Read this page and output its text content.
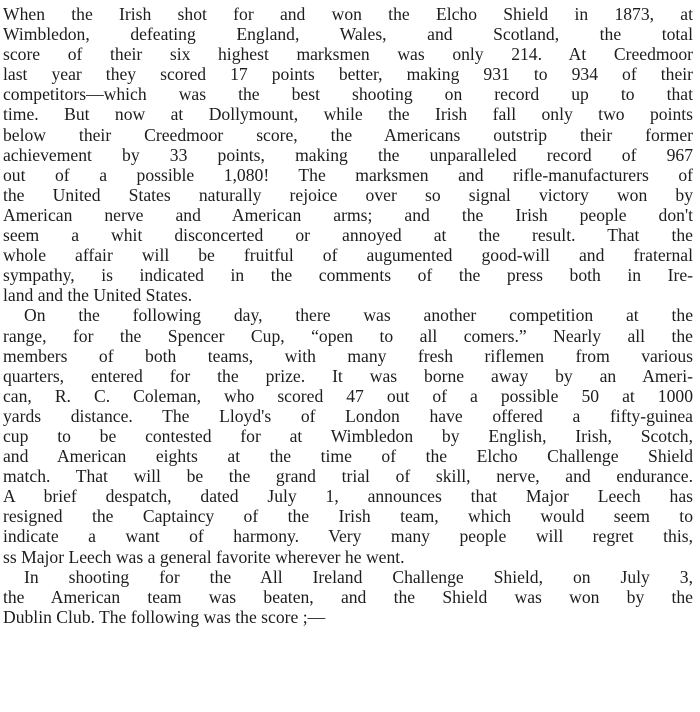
When the Irish shot for and won the Elcho Shield in 1873, at
Wimbledon, defeating England, Wales, and Scotland, the total
score of their six highest marksmen was only 214. At Creedmoor
last year they scored 17 points better, making 931 to 934 of their
competitors—which was the best shooting on record up to that
time. But now at Dollymount, while the Irish fall only two points
below their Creedmoor score, the Americans outstrip their former
achievement by 33 points, making the unparalleled record of 967
out of a possible 1,080! The marksmen and rifle-manufacturers of
the United States naturally rejoice over so signal victory won by
American nerve and American arms; and the Irish people don't
seem a whit disconcerted or annoyed at the result. That the
whole affair will be fruitful of augumented good-will and fraternal
sympathy, is indicated in the comments of the press both in Ire-
land and the United States.

On the following day, there was another competition at the
range, for the Spencer Cup, “open to all comers.” Nearly all the
members of both teams, with many fresh riflemen from various
quarters, entered for the prize. It was borne away by an Ameri-
can, R. C. Coleman, who scored 47 out of a possible 50 at 1000
yards distance. The Lloyd's of London have offered a fifty-guinea
cup to be contested for at Wimbledon by English, Irish, Scotch,
and American eights at the time of the Elcho Challenge Shield
match. That will be the grand trial of skill, nerve, and endurance.
A brief despatch, dated July 1, announces that Major Leech has
resigned the Captaincy of the Irish team, which would seem to
indicate a want of harmony. Very many people will regret this,
ss Major Leech was a general favorite wherever he went.

In shooting for the All Ireland Challenge Shield, on July 3,
the American team was beaten, and the Shield was won by the
Dublin Club. The following was the score ;—
